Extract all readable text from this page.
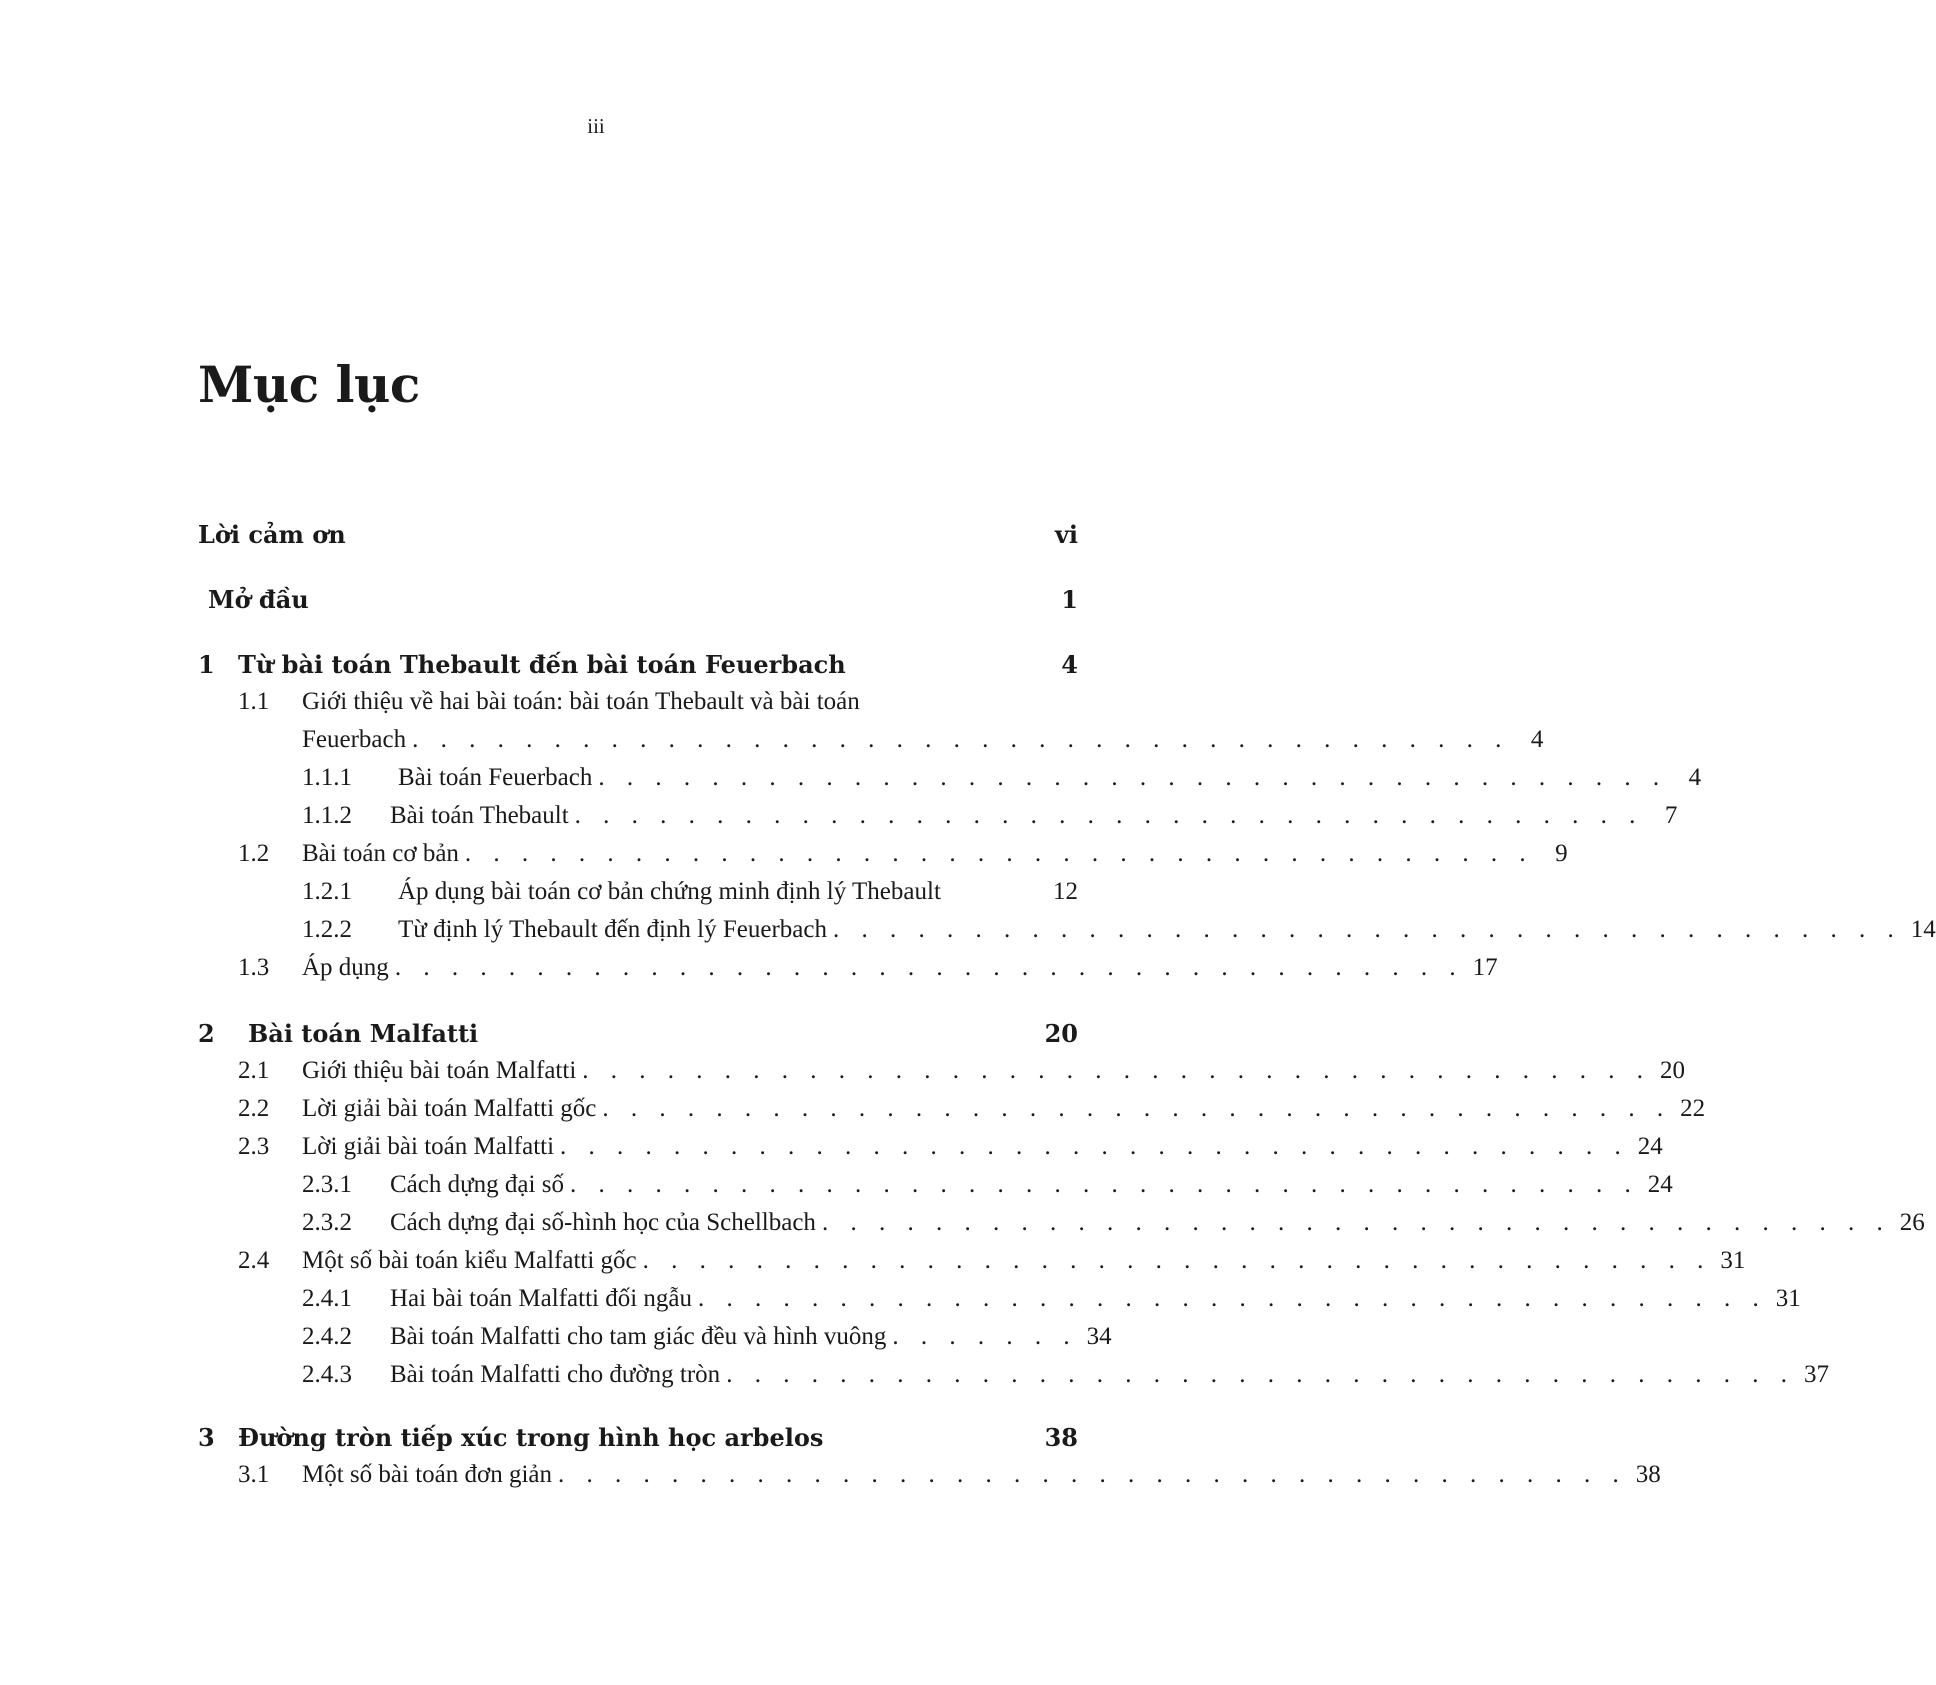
iii
Mục lục
Lời cảm ơn	vi
Mở đầu	1
1 Từ bài toán Thebault đến bài toán Feuerbach	4
1.1	Giới thiệu về hai bài toán: bài toán Thebault và bài toán
Feuerbach . . . . . . . . . . . . . . . . . . . . . . . . . . . . . . . . . . . . . . . 4
1.1.1	Bài toán Feuerbach . . . . . . . . . . . . . . . . . . . . . . . . . . . . . . . . . . . . . . 4
1.1.2	Bài toán Thebault . . . . . . . . . . . . . . . . . . . . . . . . . . . . . . . . . . . . . . 7
1.2	Bài toán cơ bản . . . . . . . . . . . . . . . . . . . . . . . . . . . . . . . . . . . . . . 9
1.2.1	Áp dụng bài toán cơ bản chứng minh định lý Thebault	12
1.2.2	Từ định lý Thebault đến định lý Feuerbach . . . . . . . . . . . . . . . . . . . . . . . . . . . . . . . . . . . . . . 14
1.3	Áp dụng . . . . . . . . . . . . . . . . . . . . . . . . . . . . . . . . . . . . . . 17
2	Bài toán Malfatti	20
2.1	Giới thiệu bài toán Malfatti . . . . . . . . . . . . . . . . . . . . . . . . . . . . . . . . . . . . . . 20
2.2	Lời giải bài toán Malfatti gốc . . . . . . . . . . . . . . . . . . . . . . . . . . . . . . . . . . . . . . 22
2.3	Lời giải bài toán Malfatti . . . . . . . . . . . . . . . . . . . . . . . . . . . . . . . . . . . . . . 24
2.3.1	Cách dựng đại số . . . . . . . . . . . . . . . . . . . . . . . . . . . . . . . . . . . . . . 24
2.3.2	Cách dựng đại số-hình học của Schellbach . . . . . . . . . . . . . . . . . . . . . . . . . . . . . . . . . . . . . . 26
2.4	Một số bài toán kiểu Malfatti gốc . . . . . . . . . . . . . . . . . . . . . . . . . . . . . . . . . . . . . . 31
2.4.1	Hai bài toán Malfatti đối ngẫu . . . . . . . . . . . . . . . . . . . . . . . . . . . . . . . . . . . . . . 31
2.4.2	Bài toán Malfatti cho tam giác đều và hình vuông . . . . . . . 34
2.4.3	Bài toán Malfatti cho đường tròn . . . . . . . . . . . . . . . . . . . . . . . . . . . . . . . . . . . . . . 37
3 Đường tròn tiếp xúc trong hình học arbelos	38
3.1	Một số bài toán đơn giản . . . . . . . . . . . . . . . . . . . . . . . . . . . . . . . . . . . . . . 38
